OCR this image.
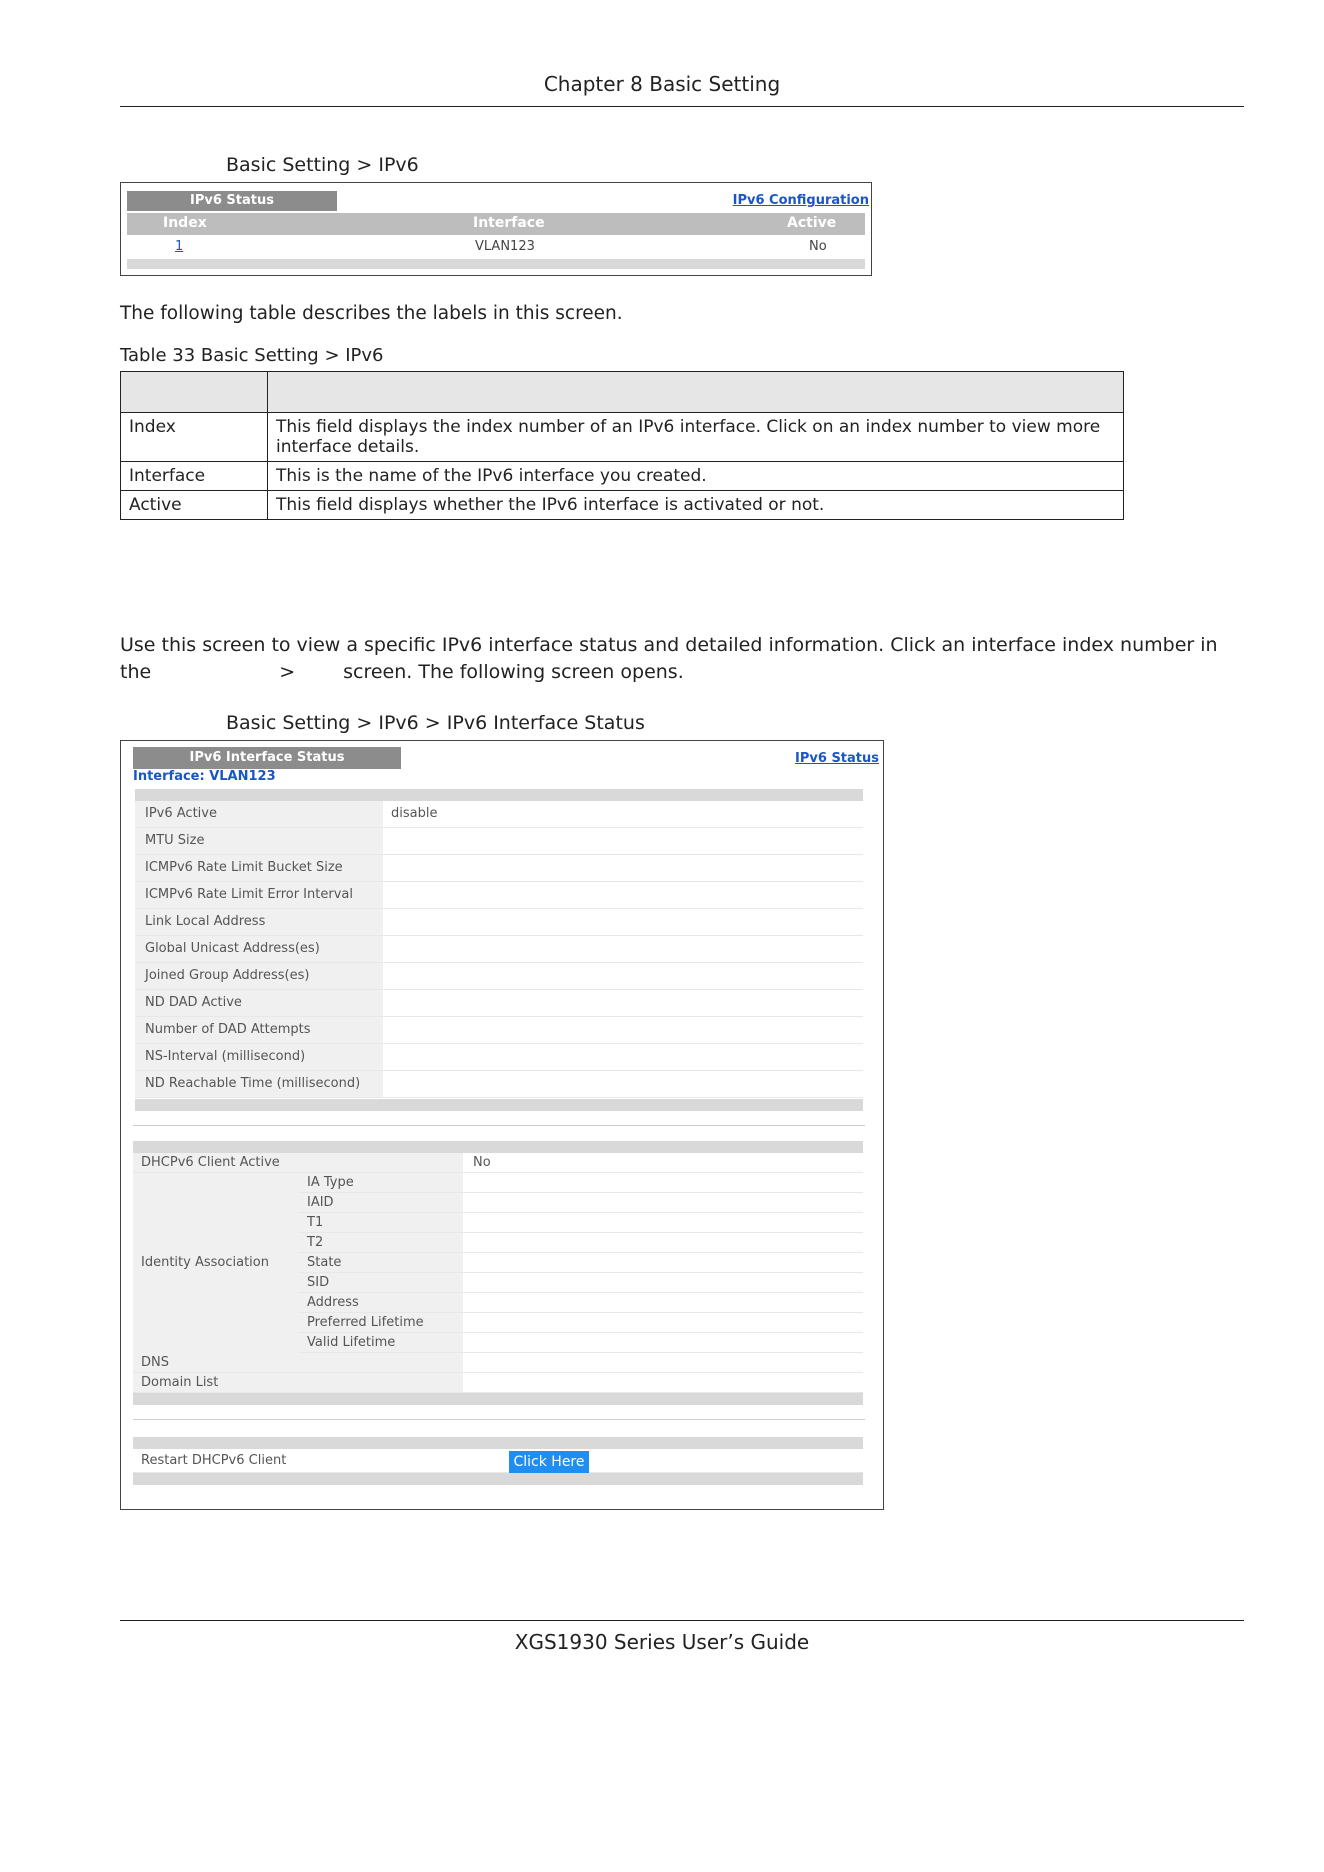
Chapter 8 Basic Setting
Basic Setting > IPv6
IPv6 Status	IPv6 Configuration
Index	Interface	Active
1	VLAN123	No
The following table describes the labels in this screen.
Table 33 Basic Setting > IPv6

Index	This field displays the index number of an IPv6 interface. Click on an index number to view more interface details.
Interface	This is the name of the IPv6 interface you created.
Active	This field displays whether the IPv6 interface is activated or not.
Use this screen to view a specific IPv6 interface status and detailed information. Click an interface index number in
the	>	screen. The following screen opens.
Basic Setting > IPv6 > IPv6 Interface Status
IPv6 Interface Status	IPv6 Status
Interface: VLAN123
IPv6 Active	disable
MTU Size
ICMPv6 Rate Limit Bucket Size
ICMPv6 Rate Limit Error Interval
Link Local Address
Global Unicast Address(es)
Joined Group Address(es)
ND DAD Active
Number of DAD Attempts
NS-Interval (millisecond)
ND Reachable Time (millisecond)
DHCPv6 Client Active	No
Identity Association
IA Type
IAID
T1
T2
State
SID
Address
Preferred Lifetime
Valid Lifetime
DNS
Domain List
Restart DHCPv6 Client	Click Here
XGS1930 Series User’s Guide
